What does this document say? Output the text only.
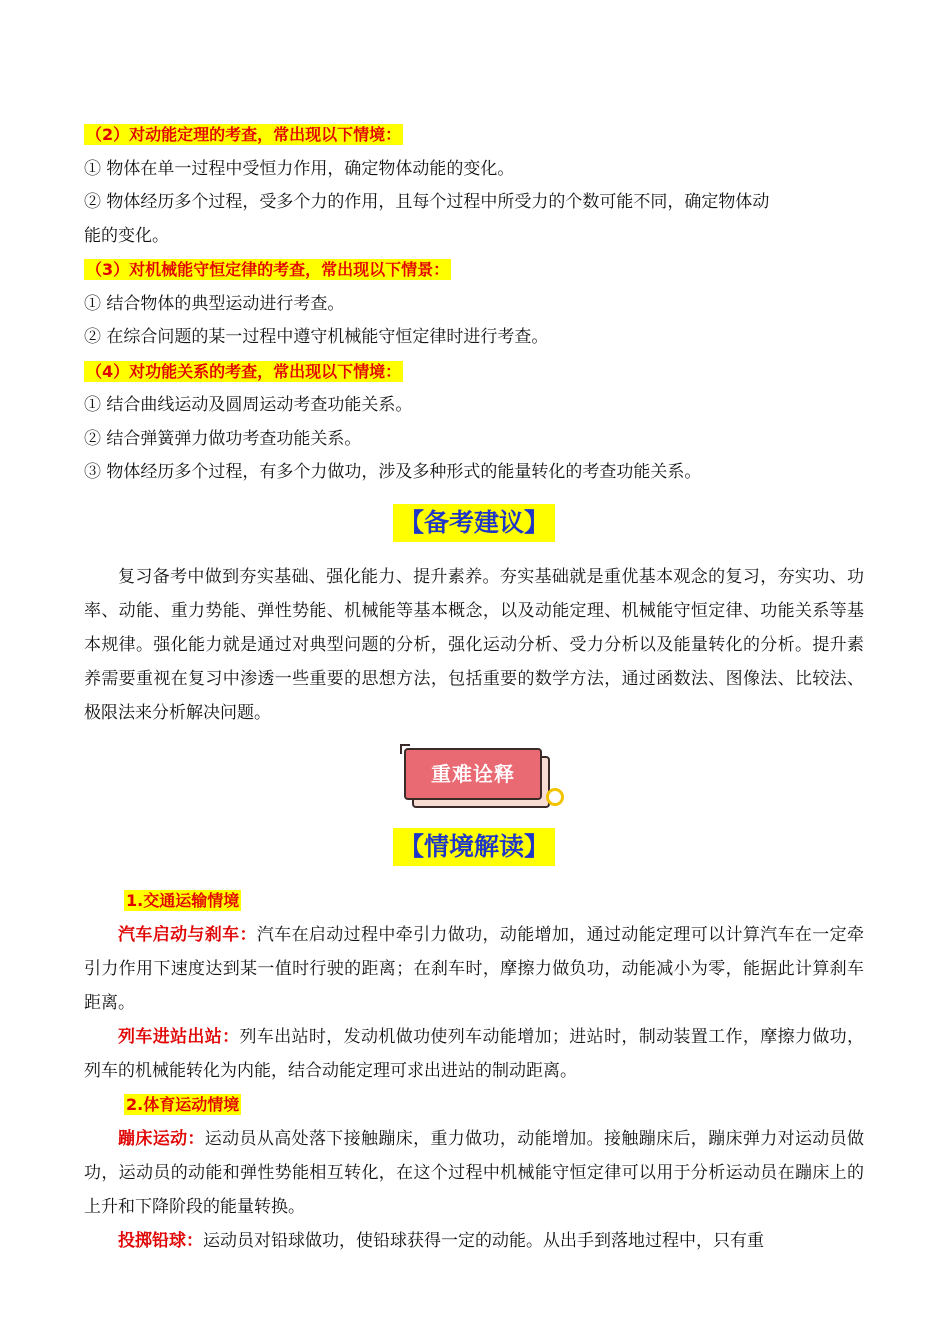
（2）对动能定理的考查，常出现以下情境：
① 物体在单一过程中受恒力作用，确定物体动能的变化。
② 物体经历多个过程，受多个力的作用，且每个过程中所受力的个数可能不同，确定物体动
能的变化。
（3）对机械能守恒定律的考查，常出现以下情景：
① 结合物体的典型运动进行考查。
② 在综合问题的某一过程中遵守机械能守恒定律时进行考查。
（4）对功能关系的考查，常出现以下情境：
① 结合曲线运动及圆周运动考查功能关系。
② 结合弹簧弹力做功考查功能关系。
③ 物体经历多个过程，有多个力做功，涉及多种形式的能量转化的考查功能关系。
【备考建议】
复习备考中做到夯实基础、强化能力、提升素养。夯实基础就是重优基本观念的复习，夯实功、功率、动能、重力势能、弹性势能、机械能等基本概念，以及动能定理、机械能守恒定律、功能关系等基本规律。强化能力就是通过对典型问题的分析，强化运动分析、受力分析以及能量转化的分析。提升素养需要重视在复习中渗透一些重要的思想方法，包括重要的数学方法，通过函数法、图像法、比较法、极限法来分析解决问题。
重难诠释
【情境解读】
1.交通运输情境
汽车启动与刹车：汽车在启动过程中牵引力做功，动能增加，通过动能定理可以计算汽车在一定牵引力作用下速度达到某一值时行驶的距离；在刹车时，摩擦力做负功，动能减小为零，能据此计算刹车距离。
列车进站出站：列车出站时，发动机做功使列车动能增加；进站时，制动装置工作，摩擦力做功，列车的机械能转化为内能，结合动能定理可求出进站的制动距离。
2.体育运动情境
蹦床运动：运动员从高处落下接触蹦床，重力做功，动能增加。接触蹦床后，蹦床弹力对运动员做功，运动员的动能和弹性势能相互转化，在这个过程中机械能守恒定律可以用于分析运动员在蹦床上的上升和下降阶段的能量转换。
投掷铅球：运动员对铅球做功，使铅球获得一定的动能。从出手到落地过程中，只有重
